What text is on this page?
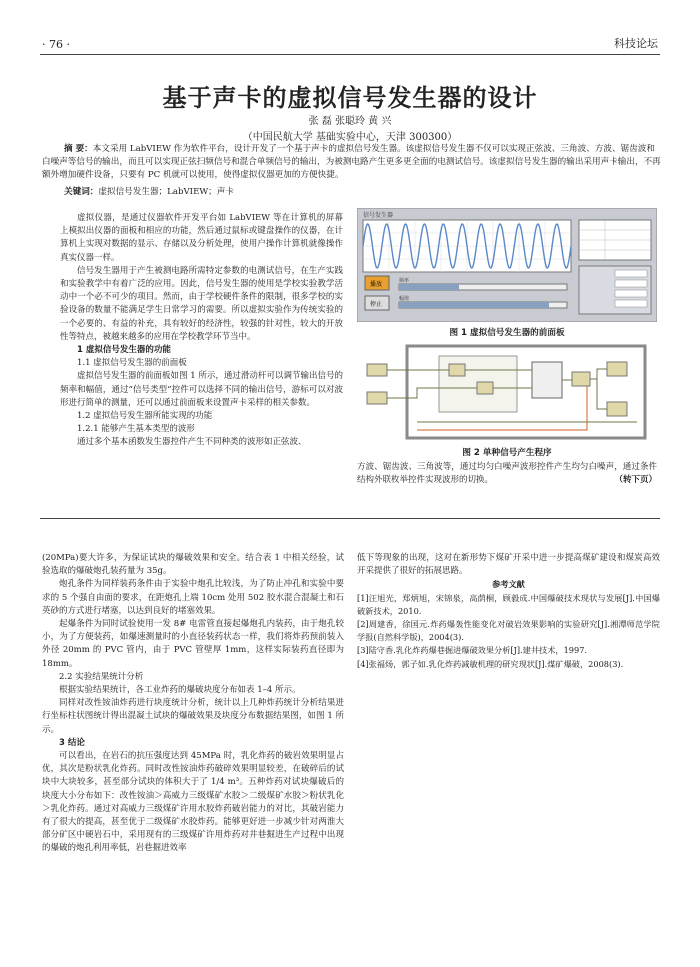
· 76 ·	科技论坛
基于声卡的虚拟信号发生器的设计
张 磊 张聪玲 黄 兴
（中国民航大学 基础实验中心，天津 300300）
摘 要：本文采用 LabVIEW 作为软件平台，设计开发了一个基于声卡的虚拟信号发生器。该虚拟信号发生器不仅可以实现正弦波、三角波、方波、锯齿波和白噪声等信号的输出，而且可以实现正弦扫频信号和混合单频信号的输出，为被测电路产生更多更全面的电测试信号。该虚拟信号发生器的输出采用声卡输出，不再额外增加硬件设备，只要有 PC 机就可以使用，使得虚拟仪器更加的方便快捷。
关键词：虚拟信号发生器；LabVIEW；声卡

虚拟仪器，是通过仪器软件开发平台如 LabVIEW 等在计算机的屏幕上模拟出仪器的面板和相应的功能，然后通过鼠标或键盘操作的仪器，在计算机上实现对数据的显示、存储以及分析处理，使用户操作计算机就像操作真实仪器一样。

信号发生器用于产生被测电路所需特定参数的电测试信号，在生产实践和实验教学中有着广泛的应用。因此，信号发生器的使用是学校实验教学活动中一个必不可少的项目。然而，由于学校硬件条件的限制，很多学校的实验设备的数量不能满足学生日常学习的需要。所以虚拟实验作为传统实验的一个必要的、有益的补充，具有较好的经济性，较强的针对性，较大的开放性等特点，被越来越多的应用在学校教学环节当中。

1 虚拟信号发生器的功能
1.1 虚拟信号发生器的前面板

虚拟信号发生器的前面板如图 1 所示，通过滑动杆可以调节输出信号的频率和幅值，通过“信号类型”控件可以选择不同的输出信号，游标可以对波形进行简单的测量，还可以通过前面板来设置声卡采样的相关参数。

1.2 虚拟信号发生器所能实现的功能
1.2.1 能够产生基本类型的波形

通过多个基本函数发生器控件产生不同种类的波形如正弦波、

信号发生器
播放
停止
频率
幅值
图 1 虚拟信号发生器的前面板
图 2 单种信号产生程序

方波、锯齿波、三角波等，通过均匀白噪声波形控件产生均匀白噪声，通过条件结构外联枚举控件实现波形的切换。	（转下页）

(20MPa)要大许多，为保证试块的爆破效果和安全。结合表 1 中相关经验，试验选取的爆破炮孔装药量为 35g。

炮孔条件为同样装药条件由于实验中炮孔比较浅，为了防止冲孔和实验中要求的 5 个强自由面的要求，在距炮孔上端 10cm 处用 502 胶水混合混凝土和石英砂的方式进行堵塞，以达到良好的堵塞效果。

起爆条件为同时试验使用一发 8# 电雷管直接起爆炮孔内装药，由于炮孔较小，为了方便装药，如爆速测量时的小直径装药状态一样，我们将炸药预前装入外径 20mm 的 PVC 管内，由于 PVC 管壁厚 1mm，这样实际装药直径即为 18mm。

2.2 实验结果统计分析

根据实验结果统计，各工业炸药的爆破块度分布如表 1–4 所示。

同样对改性铵油炸药进行块度统计分析，统计以上几种炸药统计分析结果进行坐标柱状图统计得出混凝土试块的爆破效果及块度分布数据结果图，如图 1 所示。

3 结论

可以看出，在岩石的抗压强度达到 45MPa 时，乳化炸药的破岩效果明显占优，其次是粉状乳化炸药。同时改性铵油炸药破碎效果明显较差，在破碎后的试块中大块较多，甚至部分试块的体积大于了 1/4 m³。五种炸药对试块爆破后的块度大小分布如下：改性铵油＞高威力三级煤矿水胶＞二级煤矿水胶＞粉状乳化＞乳化炸药。通过对高威力三级煤矿许用水胶炸药破岩能力的对比，其破岩能力有了很大的提高，甚至优于二级煤矿水胶炸药。能够更好进一步减少针对两淮大部分矿区中硬岩石中，采用现有的三级煤矿许用炸药对井巷掘进生产过程中出现的爆破的炮孔利用率低，岩巷掘进效率

低下等现象的出现，这对在新形势下煤矿开采中进一步提高煤矿建设和煤炭高效开采提供了很好的拓展思路。

参考文献
[1]汪旭光，郑炳旭，宋锦泉，高荫桐，顾毅成.中国爆破技术现状与发展[J].中国爆破新技术，2010.
[2]周建香，徐国元.炸药爆轰性能变化对破岩效果影响的实验研究[J].湘潭师范学院学报(自然科学版)，2004(3).
[3]陆守香.乳化炸药爆巷掘进爆破效果分析[J].建井技术，1997.
[4]张福炀，郭子如.乳化炸药减敏机理的研究现状[J].煤矿爆破，2008(3).
